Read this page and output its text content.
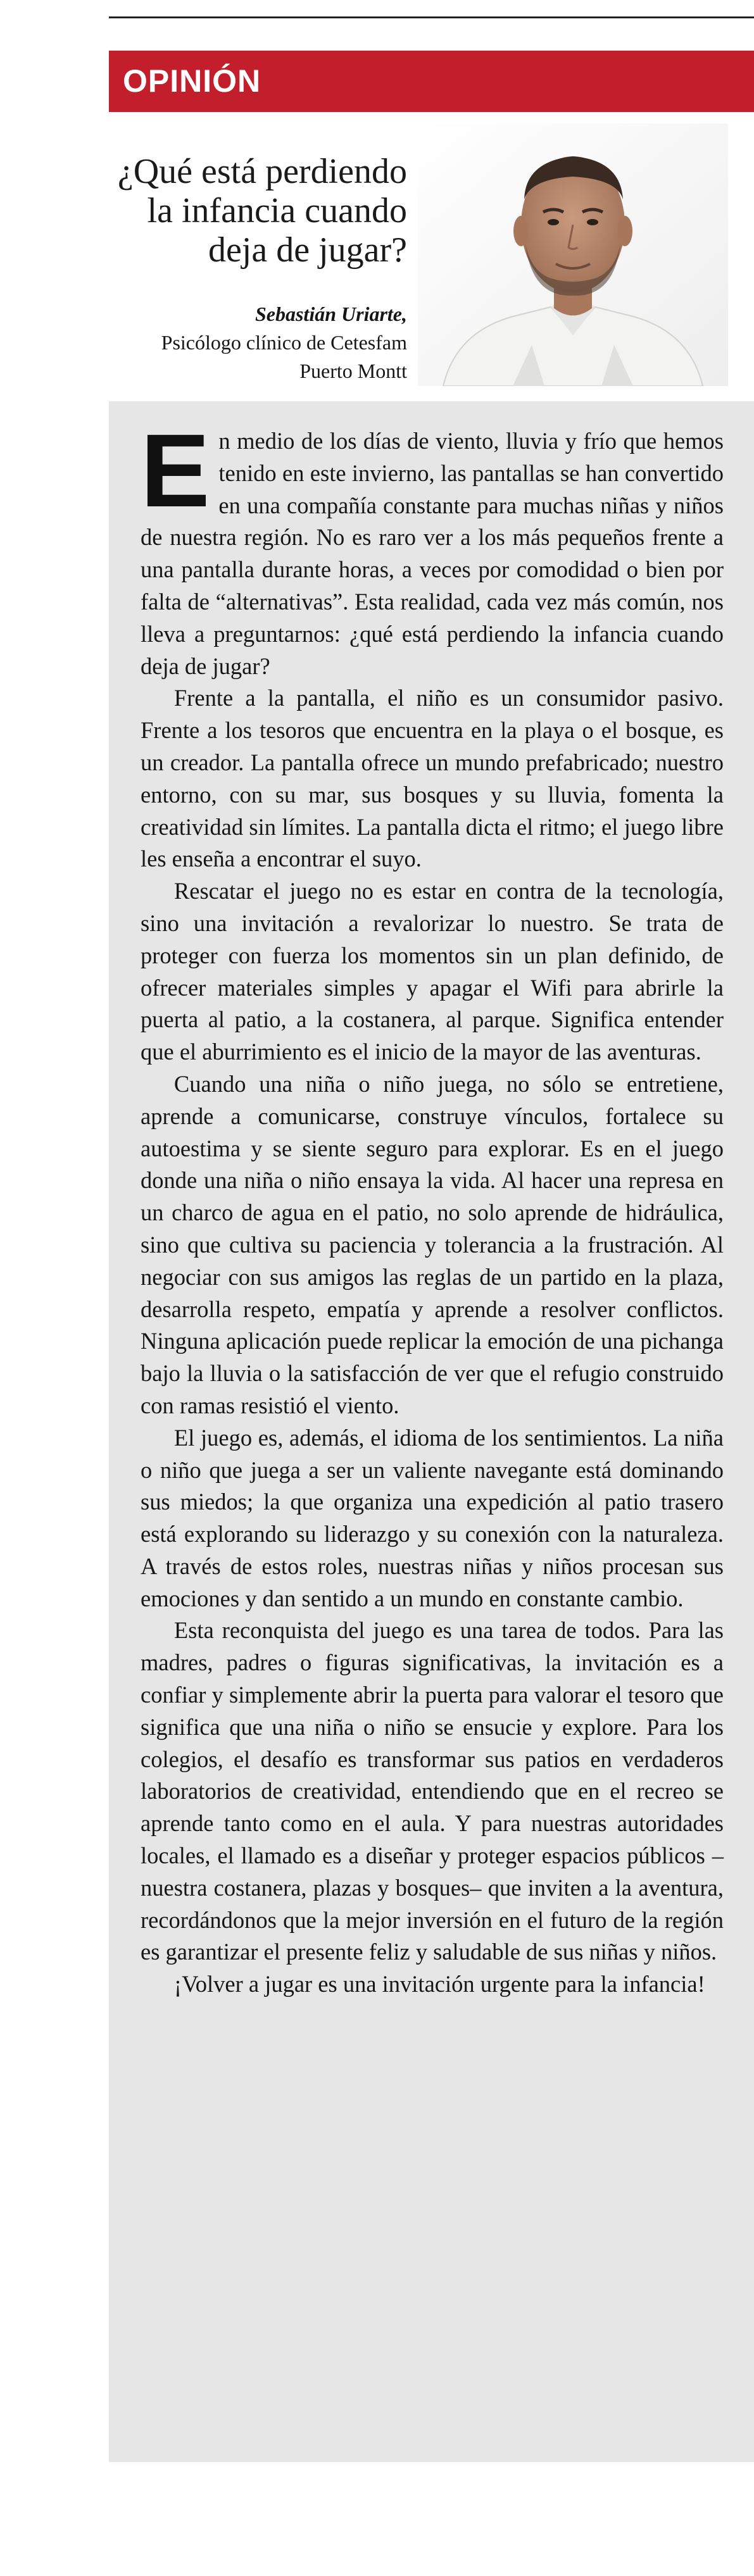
OPINIÓN
¿Qué está perdiendo la infancia cuando deja de jugar?
Sebastián Uriarte,
Psicólogo clínico de Cetesfam
Puerto Montt

En medio de los días de viento, lluvia y frío que hemos tenido en este invierno, las pantallas se han convertido en una compañía constante para muchas niñas y niños de nuestra región. No es raro ver a los más pequeños frente a una pantalla durante horas, a veces por comodidad o bien por falta de “alternativas”. Esta realidad, cada vez más común, nos lleva a preguntarnos: ¿qué está perdiendo la infancia cuando deja de jugar?

Frente a la pantalla, el niño es un consumidor pasivo. Frente a los tesoros que encuentra en la playa o el bosque, es un creador. La pantalla ofrece un mundo prefabricado; nuestro entorno, con su mar, sus bosques y su lluvia, fomenta la creatividad sin límites. La pantalla dicta el ritmo; el juego libre les enseña a encontrar el suyo.

Rescatar el juego no es estar en contra de la tecnología, sino una invitación a revalorizar lo nuestro. Se trata de proteger con fuerza los momentos sin un plan definido, de ofrecer materiales simples y apagar el Wifi para abrirle la puerta al patio, a la costanera, al parque. Significa entender que el aburrimiento es el inicio de la mayor de las aventuras.

Cuando una niña o niño juega, no sólo se entretiene, aprende a comunicarse, construye vínculos, fortalece su autoestima y se siente seguro para explorar. Es en el juego donde una niña o niño ensaya la vida. Al hacer una represa en un charco de agua en el patio, no solo aprende de hidráulica, sino que cultiva su paciencia y tolerancia a la frustración. Al negociar con sus amigos las reglas de un partido en la plaza, desarrolla respeto, empatía y aprende a resolver conflictos. Ninguna aplicación puede replicar la emoción de una pichanga bajo la lluvia o la satisfacción de ver que el refugio construido con ramas resistió el viento.

El juego es, además, el idioma de los sentimientos. La niña o niño que juega a ser un valiente navegante está dominando sus miedos; la que organiza una expedición al patio trasero está explorando su liderazgo y su conexión con la naturaleza. A través de estos roles, nuestras niñas y niños procesan sus emociones y dan sentido a un mundo en constante cambio.

Esta reconquista del juego es una tarea de todos. Para las madres, padres o figuras significativas, la invitación es a confiar y simplemente abrir la puerta para valorar el tesoro que significa que una niña o niño se ensucie y explore. Para los colegios, el desafío es transformar sus patios en verdaderos laboratorios de creatividad, entendiendo que en el recreo se aprende tanto como en el aula. Y para nuestras autoridades locales, el llamado es a diseñar y proteger espacios públicos –nuestra costanera, plazas y bosques– que inviten a la aventura, recordándonos que la mejor inversión en el futuro de la región es garantizar el presente feliz y saludable de sus niñas y niños.

¡Volver a jugar es una invitación urgente para la infancia!
